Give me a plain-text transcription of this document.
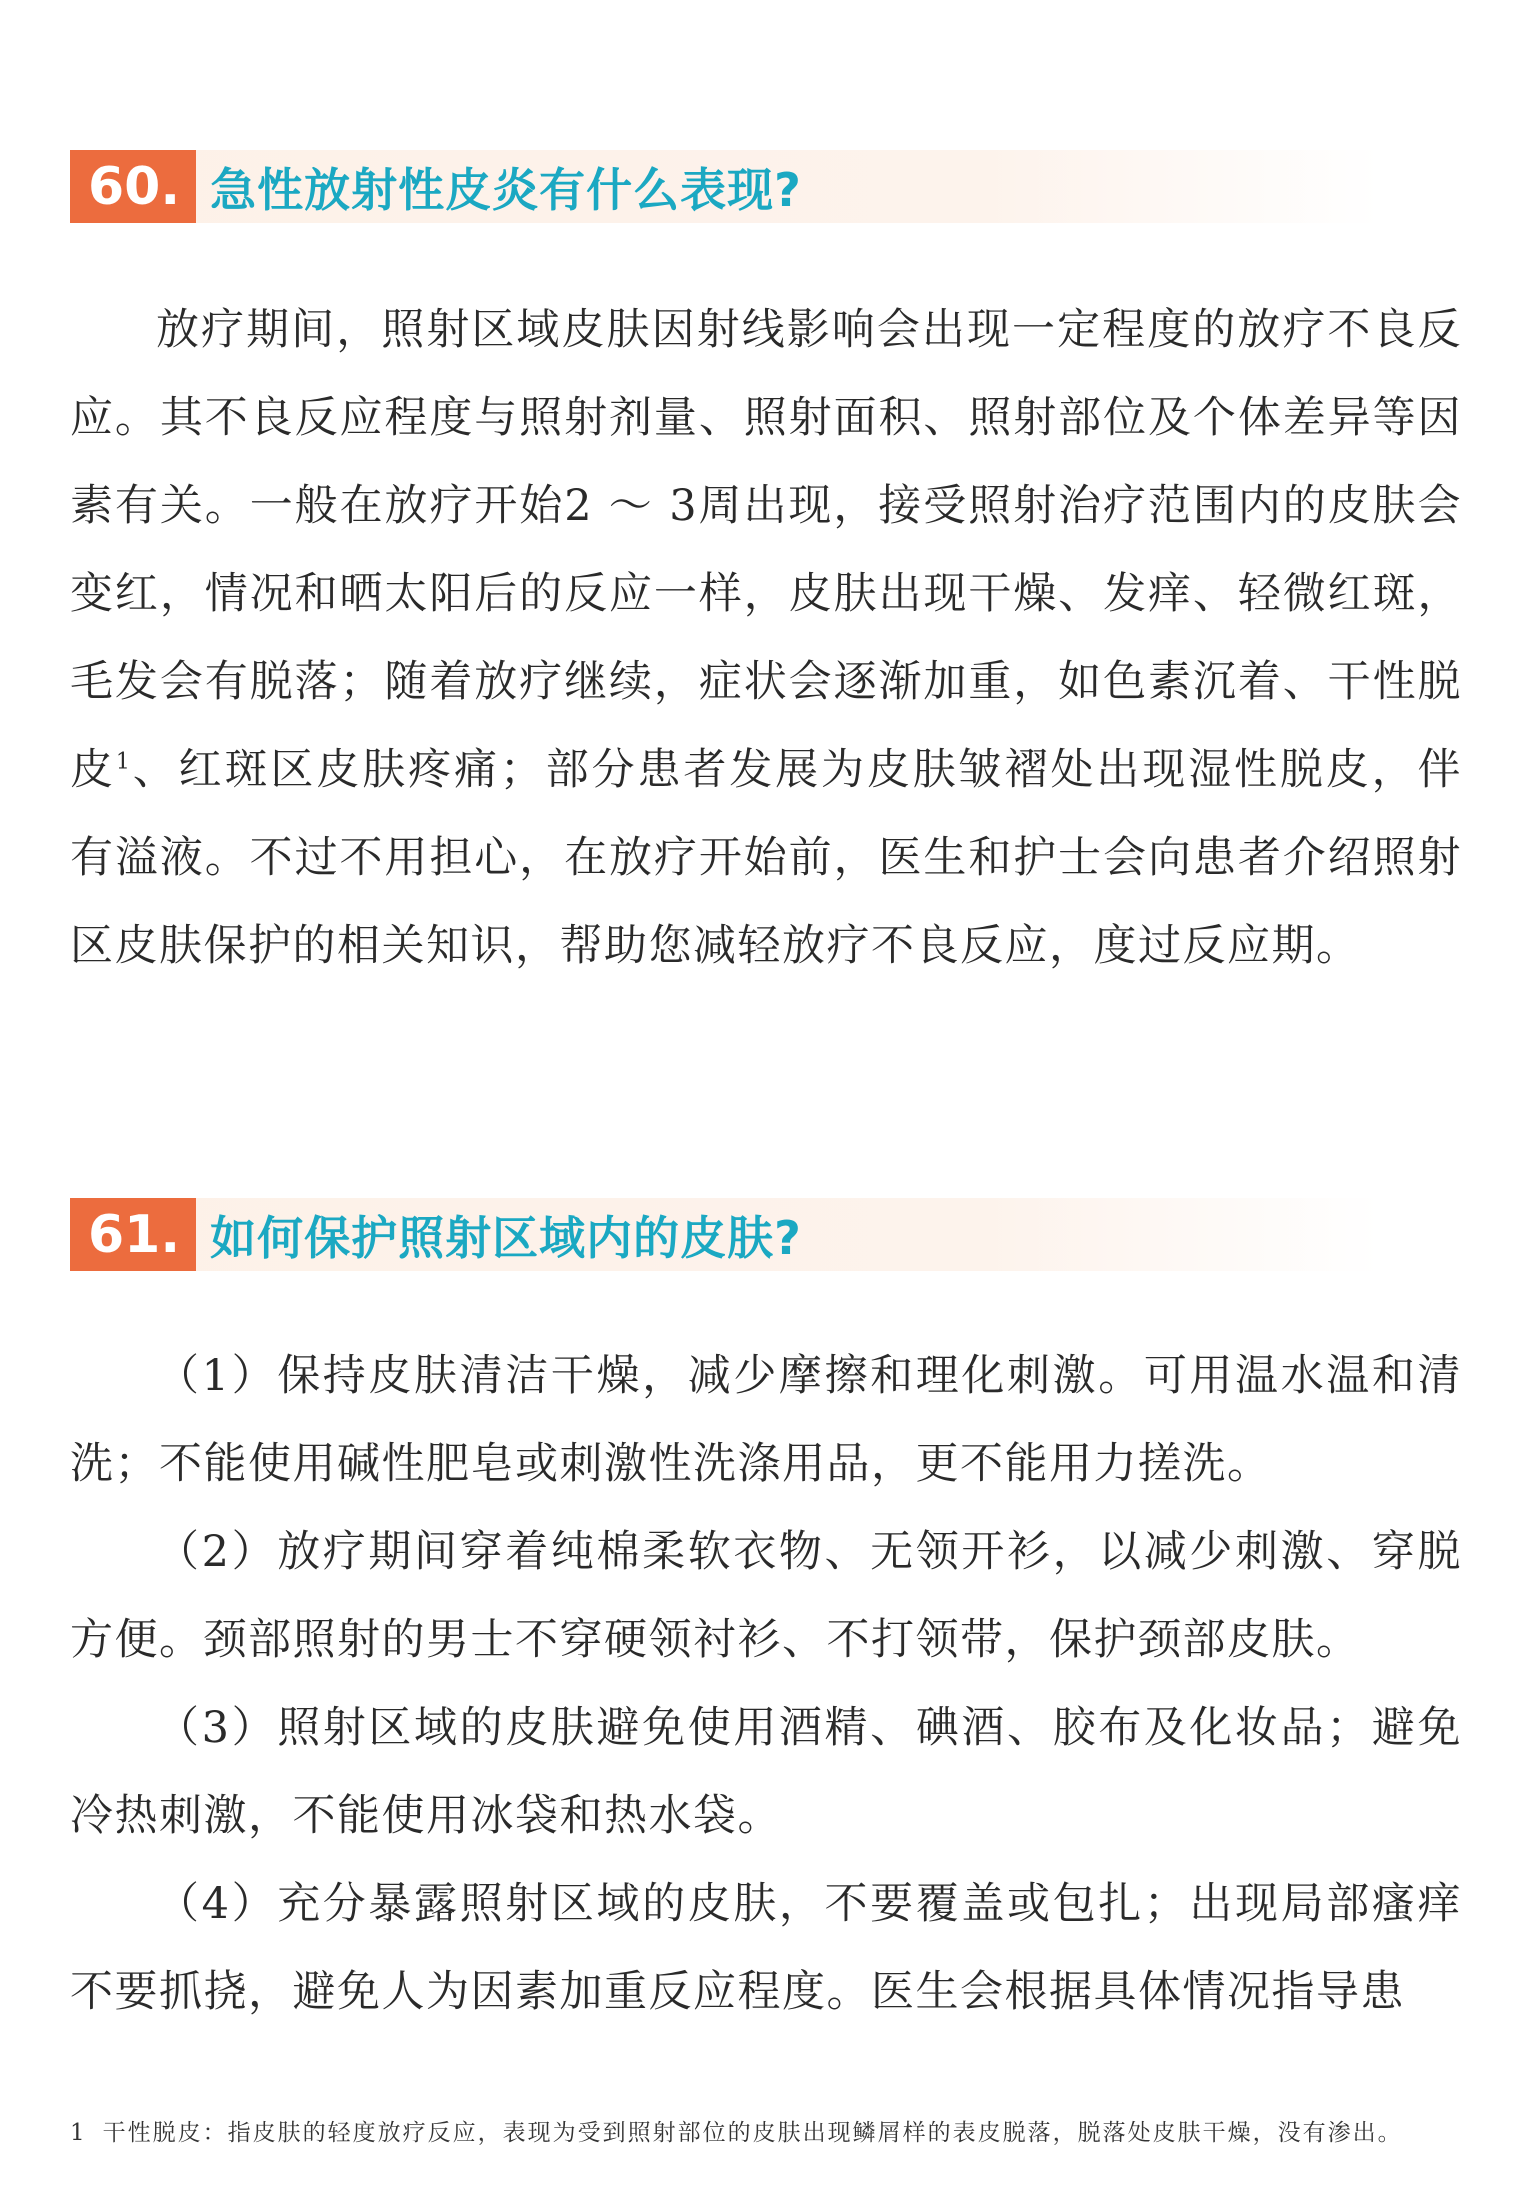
60. 急性放射性皮炎有什么表现?

放疗期间，照射区域皮肤因射线影响会出现一定程度的放疗不良反应。其不良反应程度与照射剂量、照射面积、照射部位及个体差异等因素有关。一般在放疗开始2 ～ 3周出现，接受照射治疗范围内的皮肤会变红，情况和晒太阳后的反应一样，皮肤出现干燥、发痒、轻微红斑，毛发会有脱落；随着放疗继续，症状会逐渐加重，如色素沉着、干性脱皮$^1$、红斑区皮肤疼痛；部分患者发展为皮肤皱褶处出现湿性脱皮，伴有溢液。不过不用担心，在放疗开始前，医生和护士会向患者介绍照射区皮肤保护的相关知识，帮助您减轻放疗不良反应，度过反应期。

61. 如何保护照射区域内的皮肤?

（1）保持皮肤清洁干燥，减少摩擦和理化刺激。可用温水温和清洗；不能使用碱性肥皂或刺激性洗涤用品，更不能用力搓洗。

（2）放疗期间穿着纯棉柔软衣物、无领开衫，以减少刺激、穿脱方便。颈部照射的男士不穿硬领衬衫、不打领带，保护颈部皮肤。

（3）照射区域的皮肤避免使用酒精、碘酒、胶布及化妆品；避免冷热刺激，不能使用冰袋和热水袋。

（4）充分暴露照射区域的皮肤，不要覆盖或包扎；出现局部瘙痒不要抓挠，避免人为因素加重反应程度。医生会根据具体情况指导患

1 干性脱皮：指皮肤的轻度放疗反应，表现为受到照射部位的皮肤出现鳞屑样的表皮脱落，脱落处皮肤干燥，没有渗出。
